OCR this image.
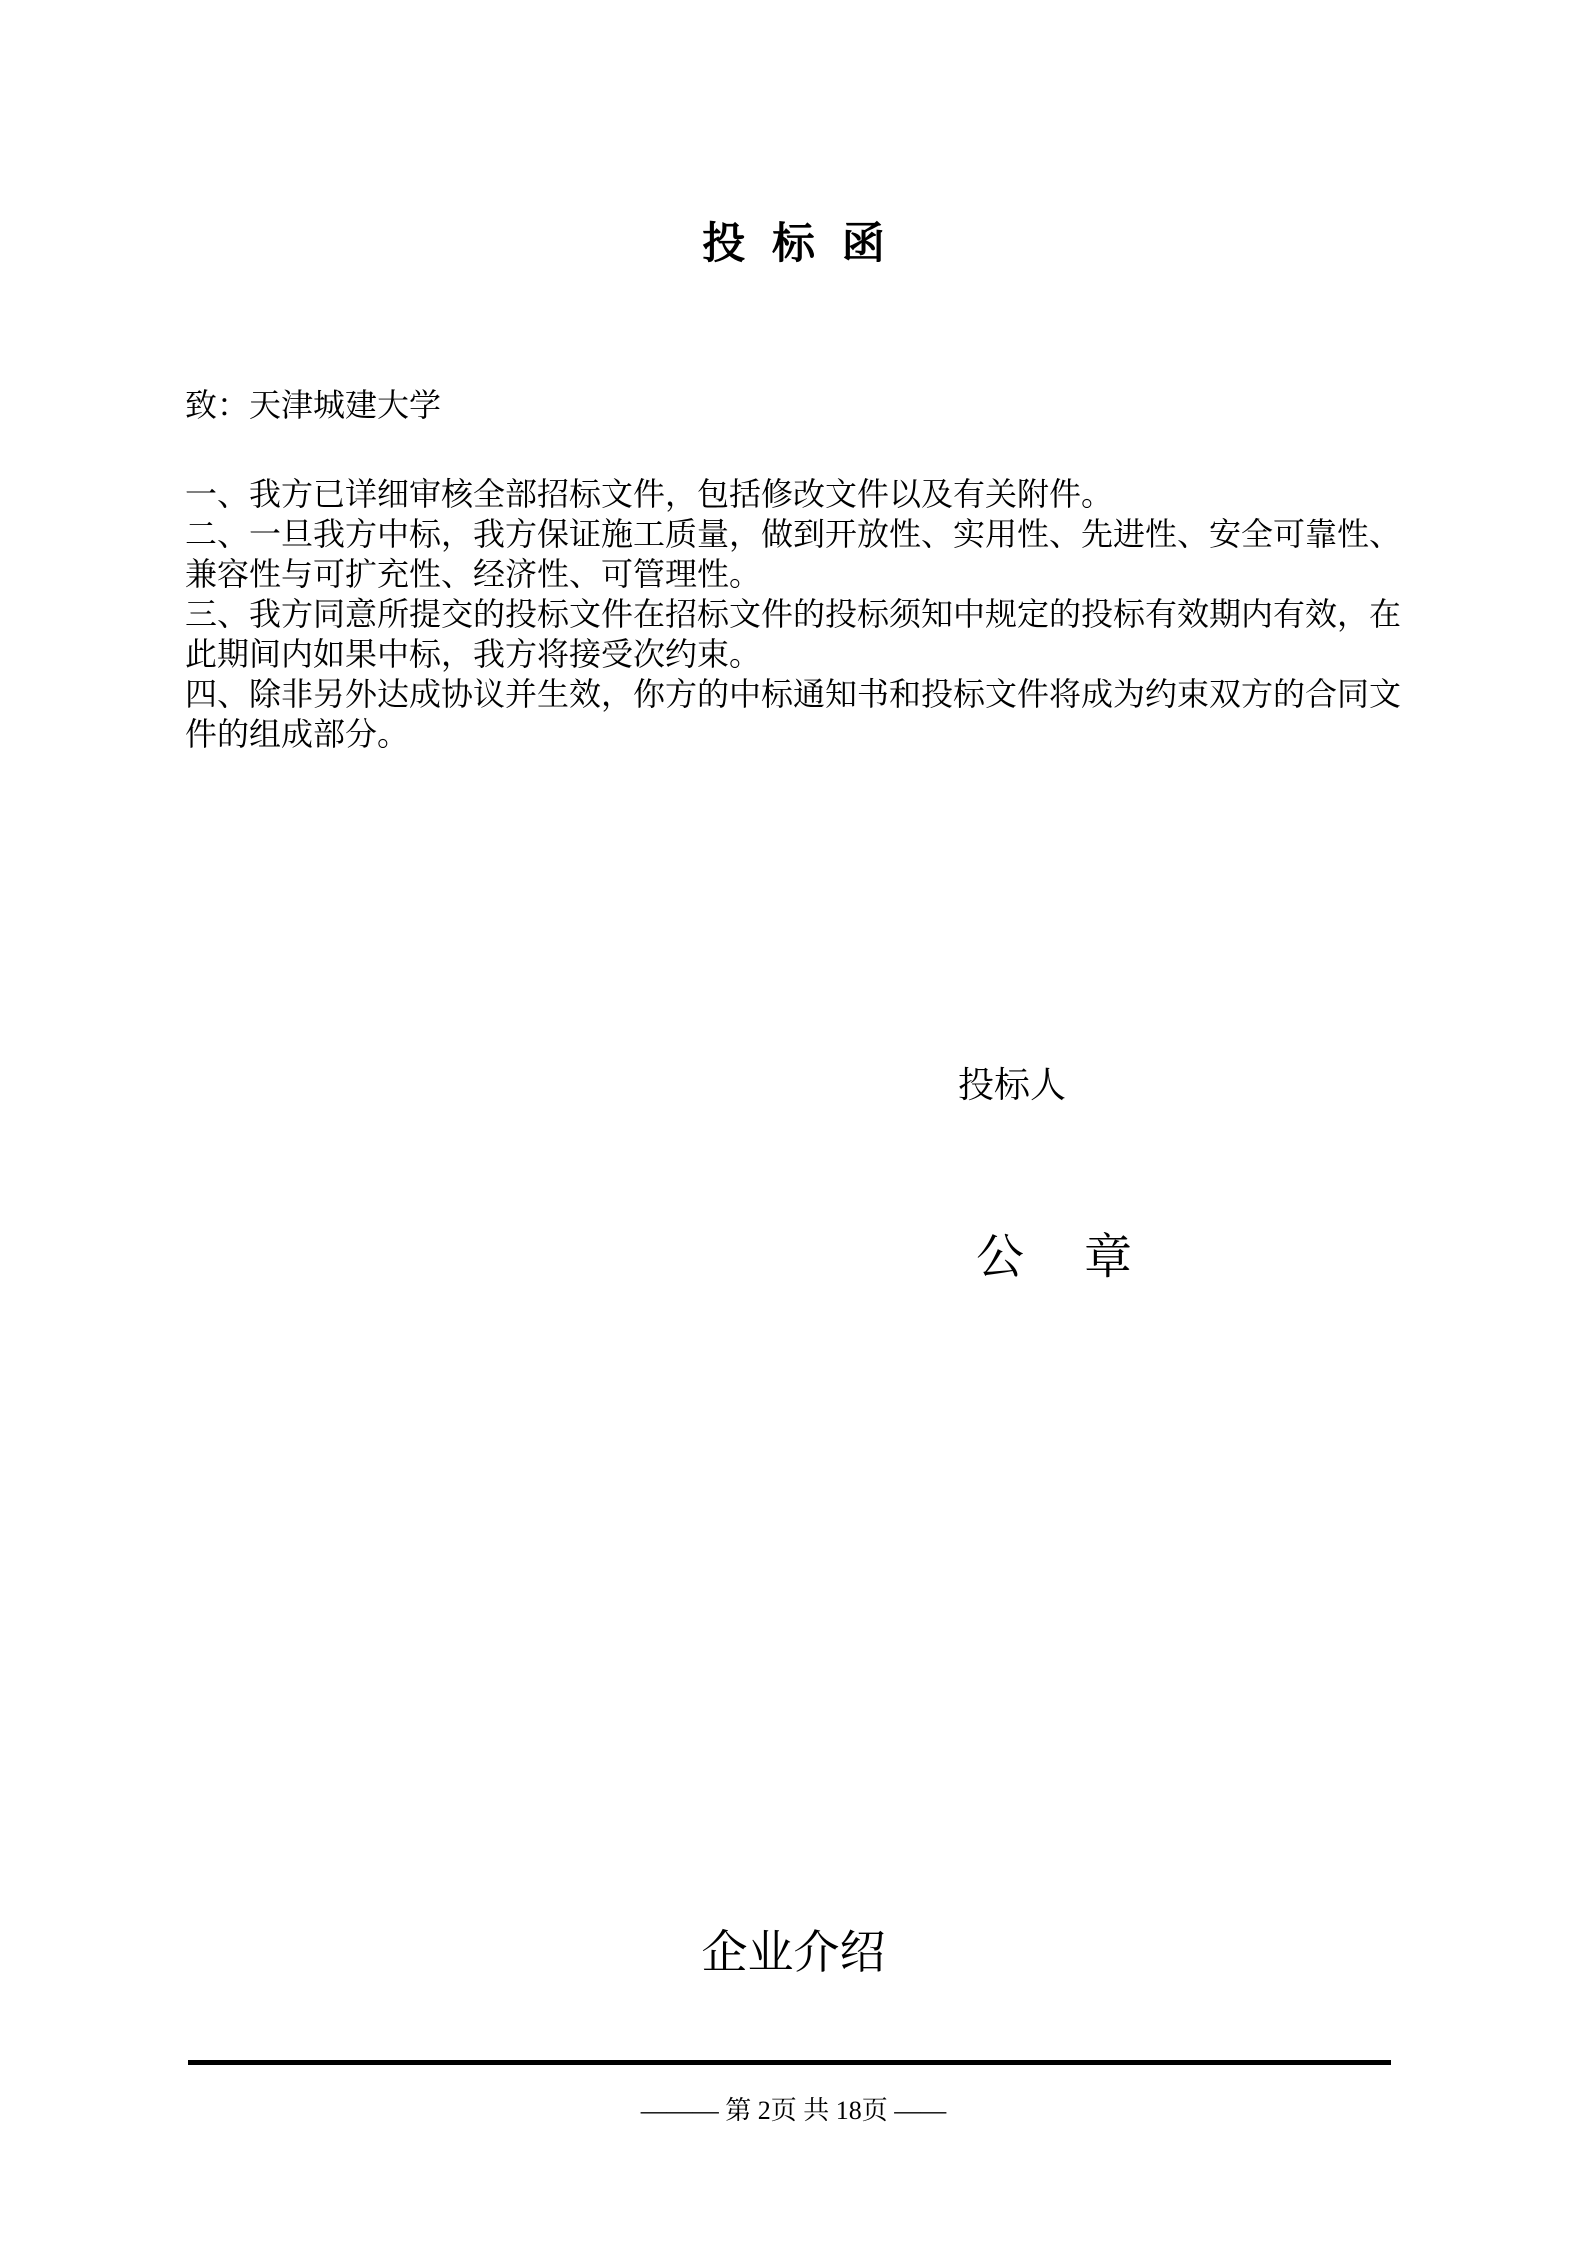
投 标 函
致：天津城建大学
一、我方已详细审核全部招标文件，包括修改文件以及有关附件。
二、一旦我方中标，我方保证施工质量，做到开放性、实用性、先进性、安全可靠性、
兼容性与可扩充性、经济性、可管理性。
三、我方同意所提交的投标文件在招标文件的投标须知中规定的投标有效期内有效，在
此期间内如果中标，我方将接受次约束。
四、除非另外达成协议并生效，你方的中标通知书和投标文件将成为约束双方的合同文
件的组成部分。
投标人
公　章
企业介绍
——— 第 2页 共 18页 ——
